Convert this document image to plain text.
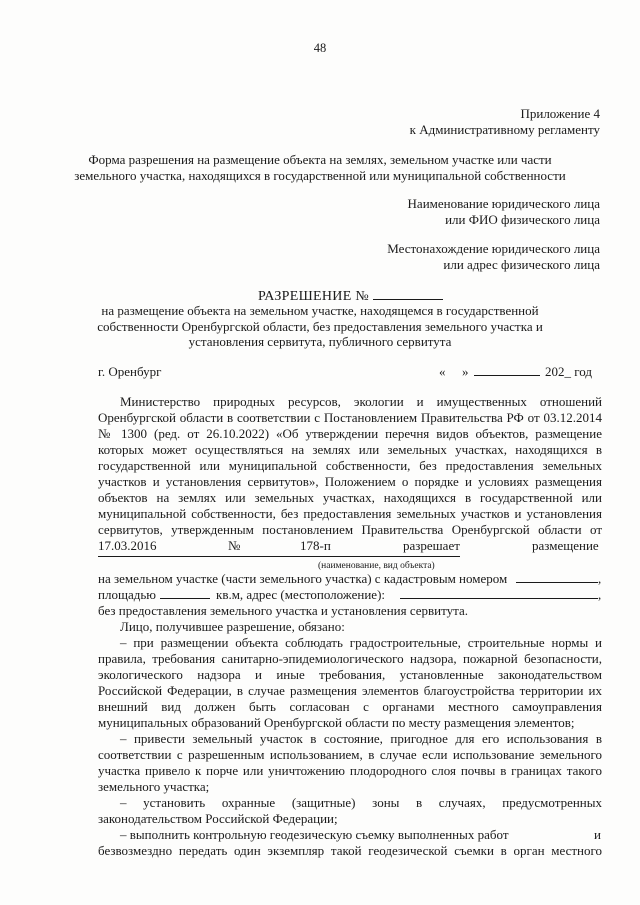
48
Приложение 4
к Административному регламенту
Форма разрешения на размещение объекта на землях, земельном участке или части
земельного участка, находящихся в государственной или муниципальной собственности
Наименование юридического лица
или ФИО физического лица
Местонахождение юридического лица
или адрес физического лица
РАЗРЕШЕНИЕ №
на размещение объекта на земельном участке, находящемся в государственной
собственности Оренбургской области, без предоставления земельного участка и
установления сервитута, публичного сервитута
г. Оренбург	« »	202_ год
Министерство природных ресурсов, экологии и имущественных отношений
Оренбургской области в соответствии с Постановлением Правительства РФ от 03.12.2014
№ 1300 (ред. от 26.10.2022) «Об утверждении перечня видов объектов, размещение
которых может осуществляться на землях или земельных участках, находящихся в
государственной или муниципальной собственности, без предоставления земельных
участков и установления сервитутов», Положением о порядке и условиях размещения
объектов на землях или земельных участках, находящихся в государственной или
муниципальной собственности, без предоставления земельных участков и установления
сервитутов, утвержденным постановлением Правительства Оренбургской области от
17.03.2016	№	178-п	разрешает	размещение
(наименование, вид объекта)
на земельном участке (части земельного участка) с кадастровым номером	,
площадью	кв.м, адрес (местоположение):	,
без предоставления земельного участка и установления сервитута.
Лицо, получившее разрешение, обязано:
– при размещении объекта соблюдать градостроительные, строительные нормы и
правила, требования санитарно-эпидемиологического надзора, пожарной безопасности,
экологического надзора и иные требования, установленные законодательством
Российской Федерации, в случае размещения элементов благоустройства территории их
внешний вид должен быть согласован с органами местного самоуправления
муниципальных образований Оренбургской области по месту размещения элементов;
– привести земельный участок в состояние, пригодное для его использования в
соответствии с разрешенным использованием, в случае если использование земельного
участка привело к порче или уничтожению плодородного слоя почвы в границах такого
земельного участка;
– установить охранные (защитные) зоны в случаях, предусмотренных
законодательством Российской Федерации;
– выполнить контрольную геодезическую съемку выполненных работ	и
безвозмездно передать один экземпляр такой геодезической съемки в орган местного
